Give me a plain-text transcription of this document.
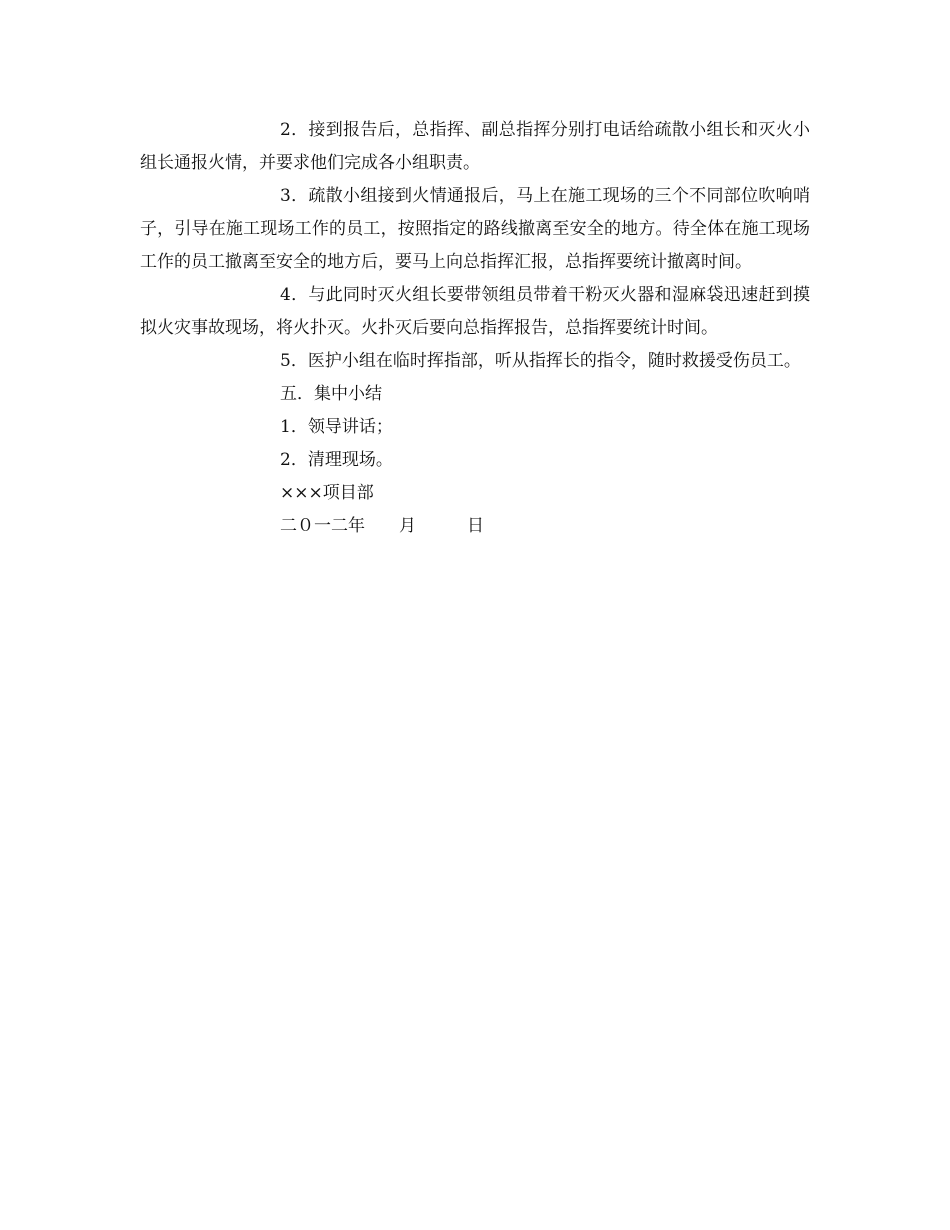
2．接到报告后，总指挥、副总指挥分别打电话给疏散小组长和灭火小组长通报火情，并要求他们完成各小组职责。

3．疏散小组接到火情通报后，马上在施工现场的三个不同部位吹响哨子，引导在施工现场工作的员工，按照指定的路线撤离至安全的地方。待全体在施工现场工作的员工撤离至安全的地方后，要马上向总指挥汇报，总指挥要统计撤离时间。

4．与此同时灭火组长要带领组员带着干粉灭火器和湿麻袋迅速赶到摸拟火灾事故现场，将火扑灭。火扑灭后要向总指挥报告，总指挥要统计时间。

5．医护小组在临时挥指部，听从指挥长的指令，随时救援受伤员工。

五．集中小结

1．领导讲话；

2．清理现场。

×××项目部

二０一二年　　月　　　日
